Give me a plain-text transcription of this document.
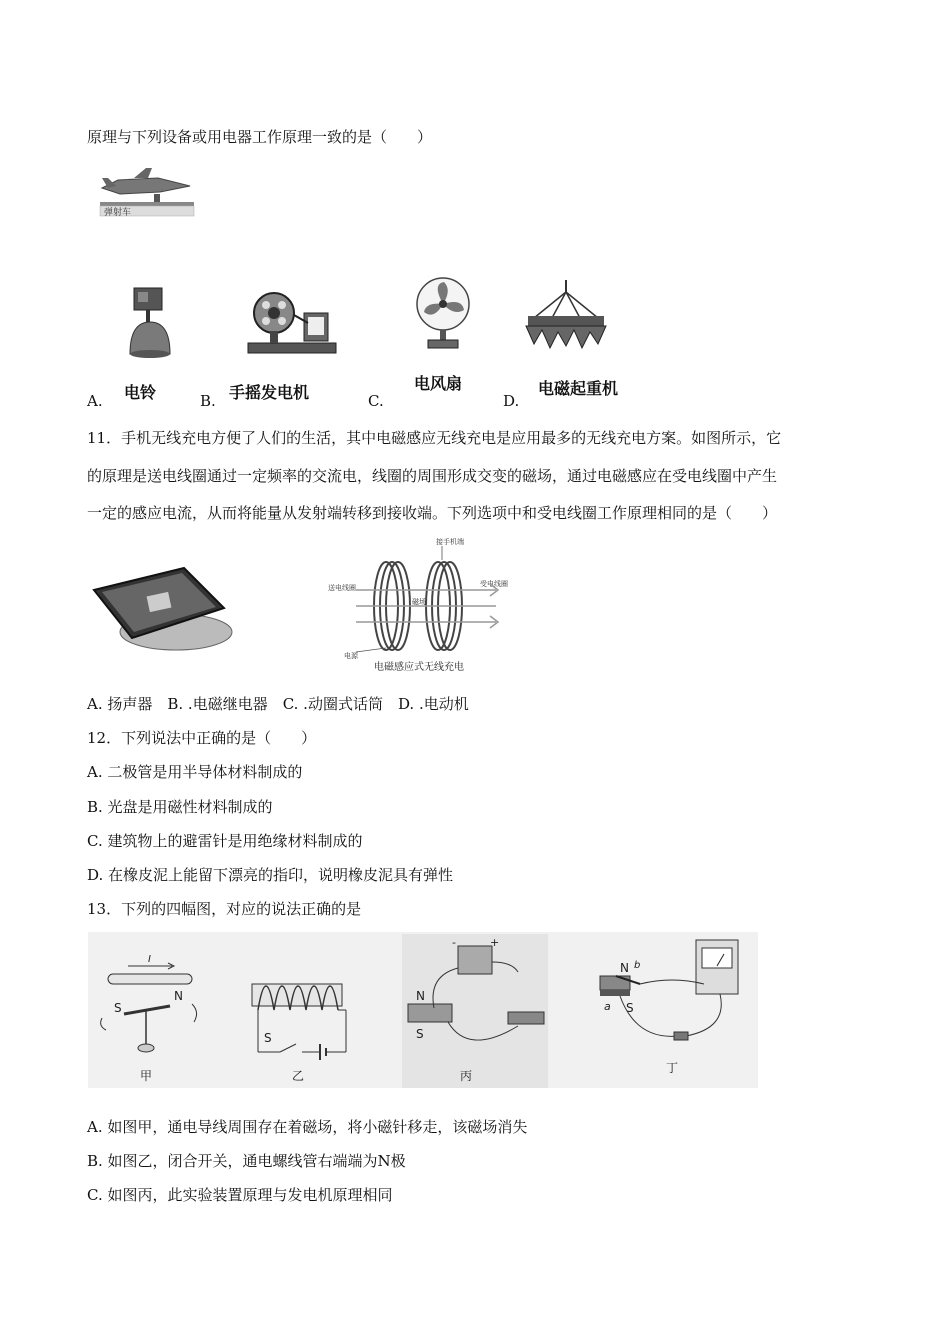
原理与下列设备或用电器工作原理一致的是（　　）
弹射车
A. 电铃	B. 手摇发电机	C.
电风扇
D.
电磁起重机
11．手机无线充电方便了人们的生活，其中电磁感应无线充电是应用最多的无线充电方案。如图所示，它
的原理是送电线圈通过一定频率的交流电，线圈的周围形成交变的磁场，通过电磁感应在受电线圈中产生
一定的感应电流，从而将能量从发射端转移到接收端。下列选项中和受电线圈工作原理相同的是（　　）
接手机端
送电线圈	受电线圈
磁场
电源
电磁感应式无线充电
A. 扬声器　B. .电磁继电器　C. .动圈式话筒　D. .电动机
12．下列说法中正确的是（　　）
A. 二极管是用半导体材料制成的
B. 光盘是用磁性材料制成的
C. 建筑物上的避雷针是用绝缘材料制成的
D. 在橡皮泥上能留下漂亮的指印，说明橡皮泥具有弹性
13．下列的四幅图，对应的说法正确的是
I
S
N
甲
S
乙
-	+
N
S
丙
N b
a S
丁
A. 如图甲，通电导线周围存在着磁场，将小磁针移走，该磁场消失
B. 如图乙，闭合开关，通电螺线管右端端为N极
C. 如图丙，此实验装置原理与发电机原理相同
